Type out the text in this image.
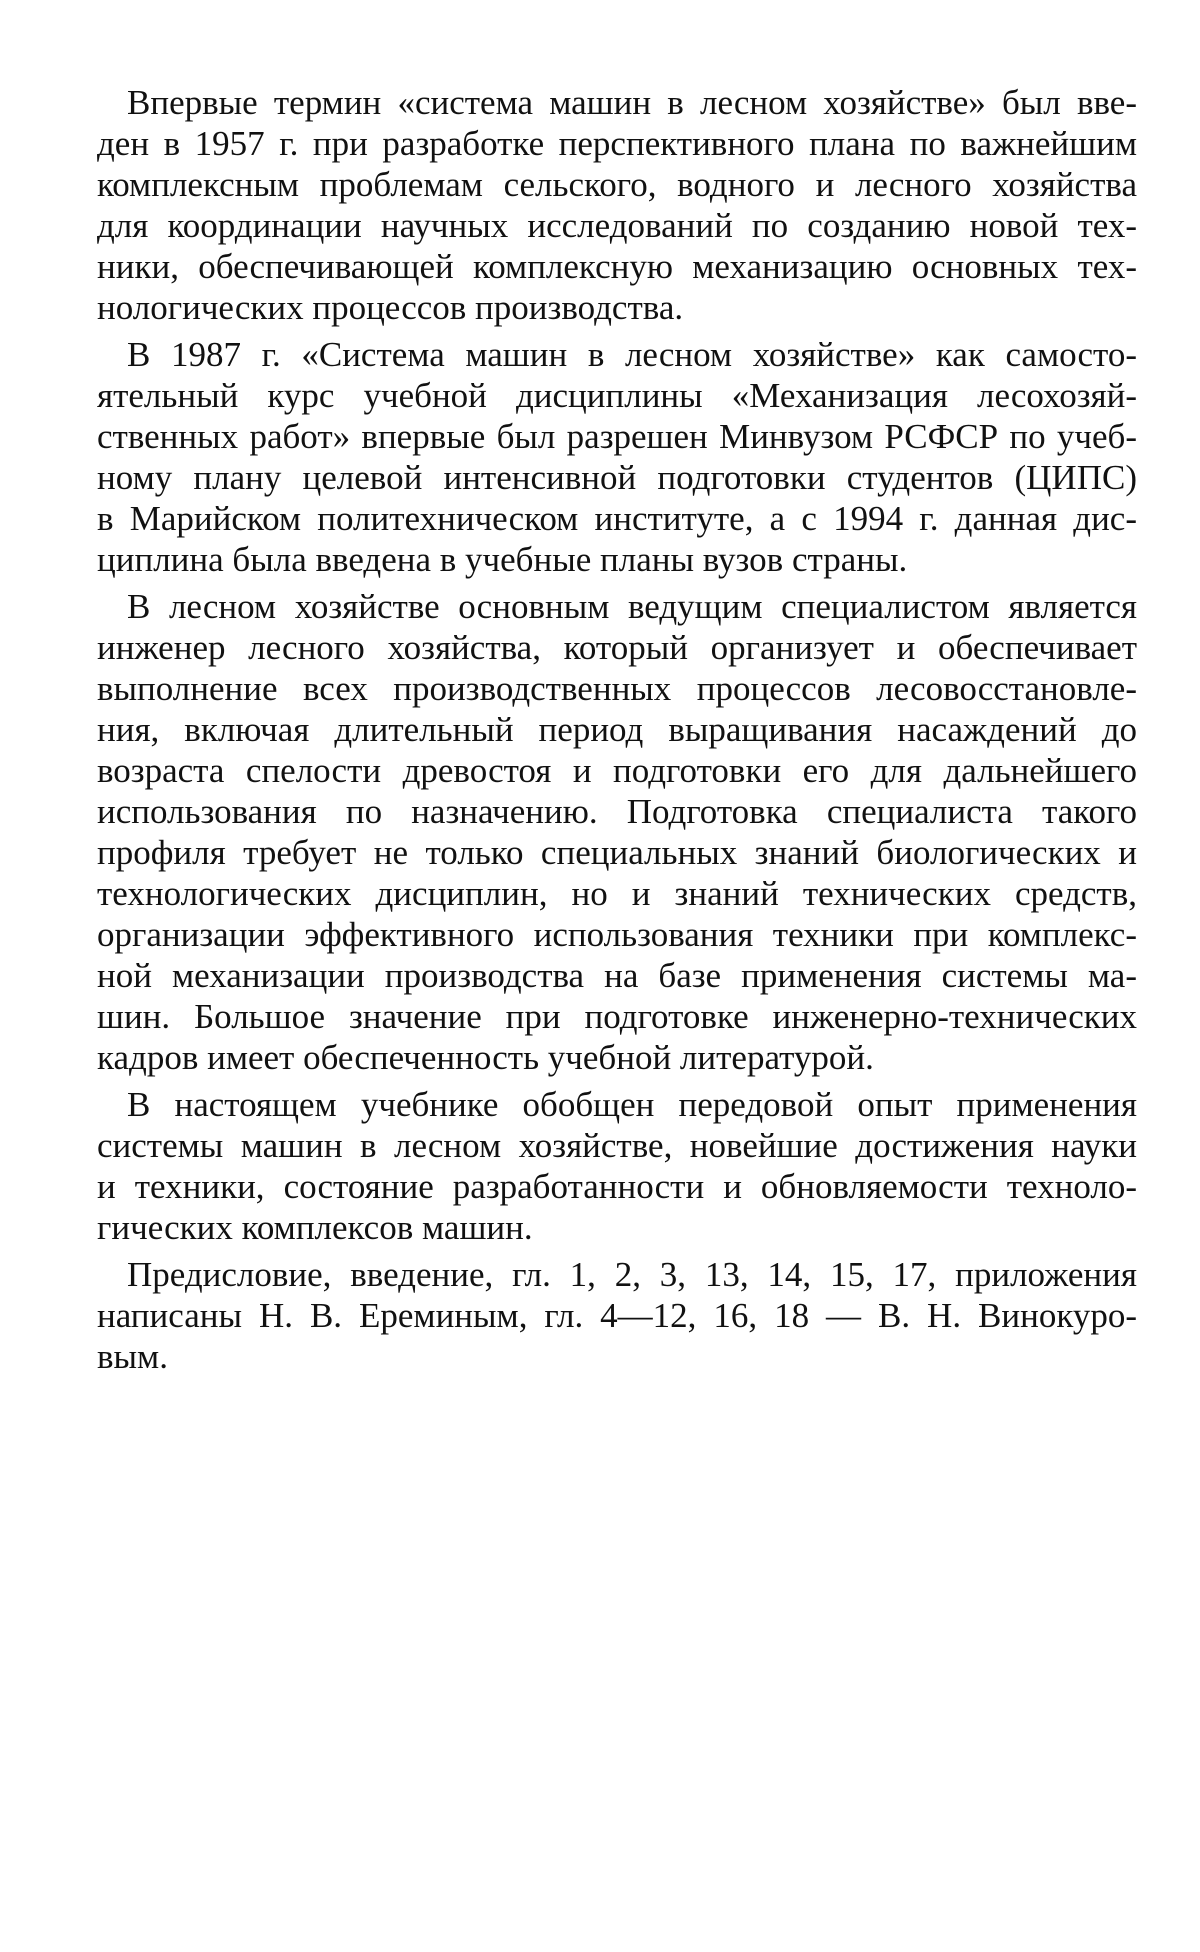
Впервые термин «система машин в лесном хозяйстве» был вве-
ден в 1957 г. при разработке перспективного плана по важнейшим
комплексным проблемам сельского, водного и лесного хозяйства
для координации научных исследований по созданию новой тех-
ники, обеспечивающей комплексную механизацию основных тех-
нологических процессов производства.
В 1987 г. «Система машин в лесном хозяйстве» как самосто-
ятельный курс учебной дисциплины «Механизация лесохозяй-
ственных работ» впервые был разрешен Минвузом РСФСР по учеб-
ному плану целевой интенсивной подготовки студентов (ЦИПС)
в Марийском политехническом институте, а с 1994 г. данная дис-
циплина была введена в учебные планы вузов страны.
В лесном хозяйстве основным ведущим специалистом является
инженер лесного хозяйства, который организует и обеспечивает
выполнение всех производственных процессов лесовосстановле-
ния, включая длительный период выращивания насаждений до
возраста спелости древостоя и подготовки его для дальнейшего
использования по назначению. Подготовка специалиста такого
профиля требует не только специальных знаний биологических и
технологических дисциплин, но и знаний технических средств,
организации эффективного использования техники при комплекс-
ной механизации производства на базе применения системы ма-
шин. Большое значение при подготовке инженерно-технических
кадров имеет обеспеченность учебной литературой.
В настоящем учебнике обобщен передовой опыт применения
системы машин в лесном хозяйстве, новейшие достижения науки
и техники, состояние разработанности и обновляемости техноло-
гических комплексов машин.
Предисловие, введение, гл. 1, 2, 3, 13, 14, 15, 17, приложения
написаны Н. В. Ереминым, гл. 4—12, 16, 18 — В. Н. Винокуро-
вым.
